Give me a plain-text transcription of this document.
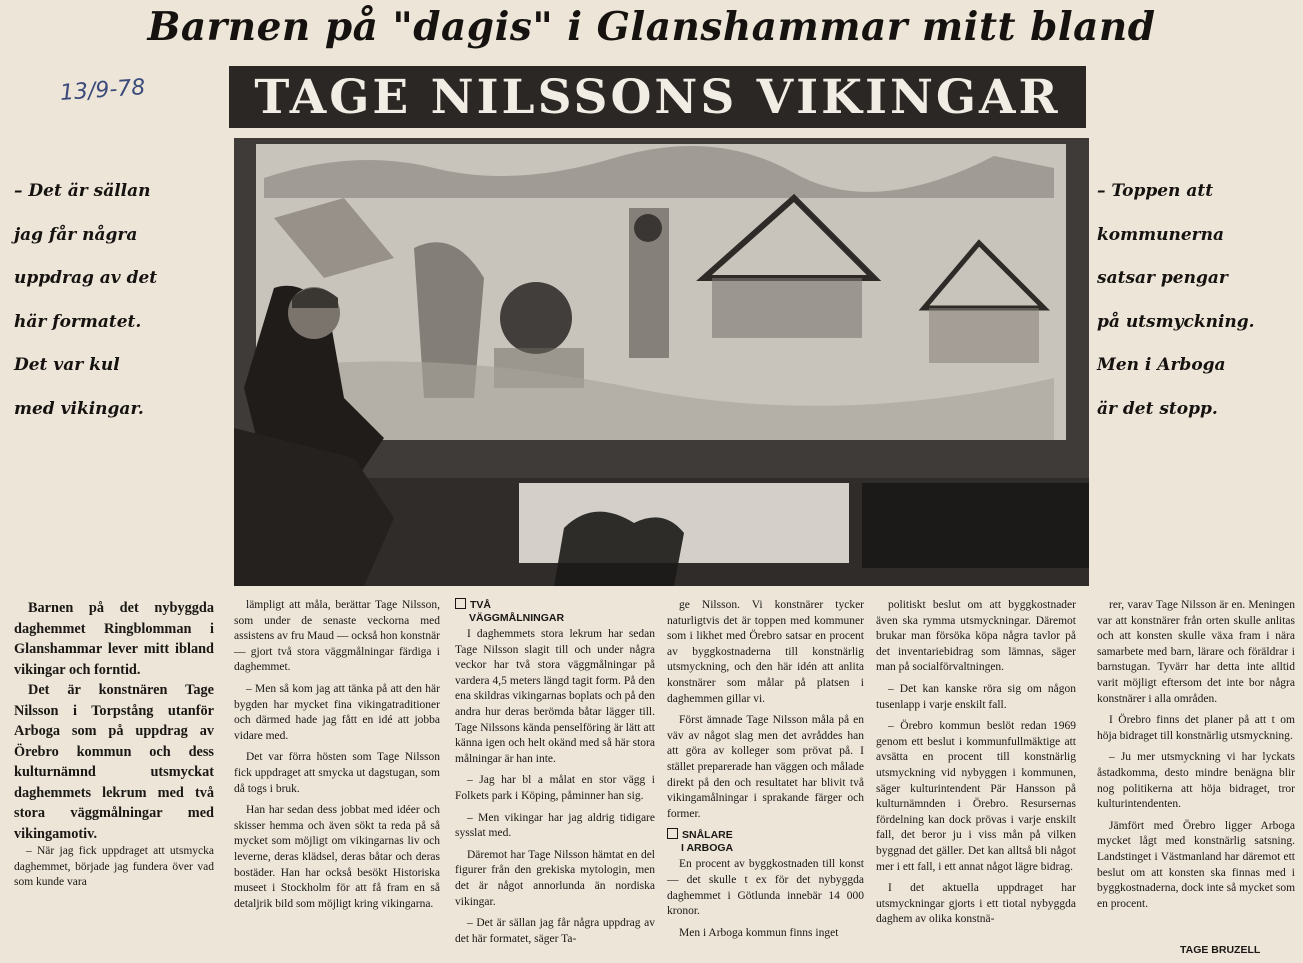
Barnen på "dagis" i Glanshammar mitt bland
13/9-78 TAGE NILSSONS VIKINGAR
– Det är sällan
jag får några
uppdrag av det
här formatet.
Det var kul
med vikingar.
– Toppen att
kommunerna
satsar pengar
på utsmyckning.
Men i Arboga
är det stopp.

Barnen på det nybyggda daghemmet Ringblomman i Glanshammar lever mitt ibland vikingar och forntid.

Det är konstnären Tage Nilsson i Torpstång utanför Arboga som på uppdrag av Örebro kommun och dess kulturnämnd utsmyckat daghemmets lekrum med två stora väggmålningar med vikingamotiv.

– När jag fick uppdraget att utsmycka daghemmet, började jag fundera över vad som kunde vara

lämpligt att måla, berättar Tage Nilsson, som under de senaste veckorna med assistens av fru Maud — också hon konstnär — gjort två stora väggmålningar färdiga i daghemmet.

– Men så kom jag att tänka på att den här bygden har mycket fina vikingatraditioner och därmed hade jag fått en idé att jobba vidare med.

Det var förra hösten som Tage Nilsson fick uppdraget att smycka ut dagstugan, som då togs i bruk.

Han har sedan dess jobbat med idéer och skisser hemma och även sökt ta reda på så mycket som möjligt om vikingarnas liv och leverne, deras klädsel, deras båtar och deras bostäder. Han har också besökt Historiska museet i Stockholm för att få fram en så detaljrik bild som möjligt kring vikingarna.

TVÅ
VÄGGMÅLNINGAR

I daghemmets stora lekrum har sedan Tage Nilsson slagit till och under några veckor har två stora väggmålningar på vardera 4,5 meters längd tagit form. På den ena skildras vikingarnas boplats och på den andra hur deras berömda båtar lägger till. Tage Nilssons kända penselföring är lätt att känna igen och helt okänd med så här stora målningar är han inte.

– Jag har bl a målat en stor vägg i Folkets park i Köping, påminner han sig.

– Men vikingar har jag aldrig tidigare sysslat med.

Däremot har Tage Nilsson hämtat en del figurer från den grekiska mytologin, men det är något annorlunda än nordiska vikingar.

– Det är sällan jag får några uppdrag av det här formatet, säger Ta-

ge Nilsson. Vi konstnärer tycker naturligtvis det är toppen med kommuner som i likhet med Örebro satsar en procent av byggkostnaderna till konstnärlig utsmyckning, och den här idén att anlita konstnärer som målar på platsen i daghemmen gillar vi.

Först ämnade Tage Nilsson måla på en väv av något slag men det avråddes han att göra av kolleger som prövat på. I stället preparerade han väggen och målade direkt på den och resultatet har blivit två vikingamålningar i sprakande färger och former.

SNÅLARE
I ARBOGA

En procent av byggkostnaden till konst — det skulle t ex för det nybyggda daghemmet i Götlunda innebär 14 000 kronor.

Men i Arboga kommun finns inget

politiskt beslut om att byggkostnader även ska rymma utsmyckningar. Däremot brukar man försöka köpa några tavlor på det inventariebidrag som lämnas, säger man på socialförvaltningen.

– Det kan kanske röra sig om någon tusenlapp i varje enskilt fall.

– Örebro kommun beslöt redan 1969 genom ett beslut i kommunfullmäktige att avsätta en procent till konstnärlig utsmyckning vid nybyggen i kommunen, säger kulturintendent Pär Hansson på kulturnämnden i Örebro. Resursernas fördelning kan dock prövas i varje enskilt fall, det beror ju i viss mån på vilken byggnad det gäller. Det kan alltså bli något mer i ett fall, i ett annat något lägre bidrag.

I det aktuella uppdraget har utsmyckningar gjorts i ett tiotal nybyggda daghem av olika konstnä-

rer, varav Tage Nilsson är en. Meningen var att konstnärer från orten skulle anlitas och att konsten skulle växa fram i nära samarbete med barn, lärare och föräldrar i barnstugan. Tyvärr har detta inte alltid varit möjligt eftersom det inte bor några konstnärer i alla områden.

I Örebro finns det planer på att t om höja bidraget till konstnärlig utsmyckning.

– Ju mer utsmyckning vi har lyckats åstadkomma, desto mindre benägna blir nog politikerna att höja bidraget, tror kulturintendenten.

Jämfört med Örebro ligger Arboga mycket lågt med konstnärlig satsning. Landstinget i Västmanland har däremot ett beslut om att konsten ska finnas med i byggkostnaderna, dock inte så mycket som en procent.

TAGE BRUZELL
